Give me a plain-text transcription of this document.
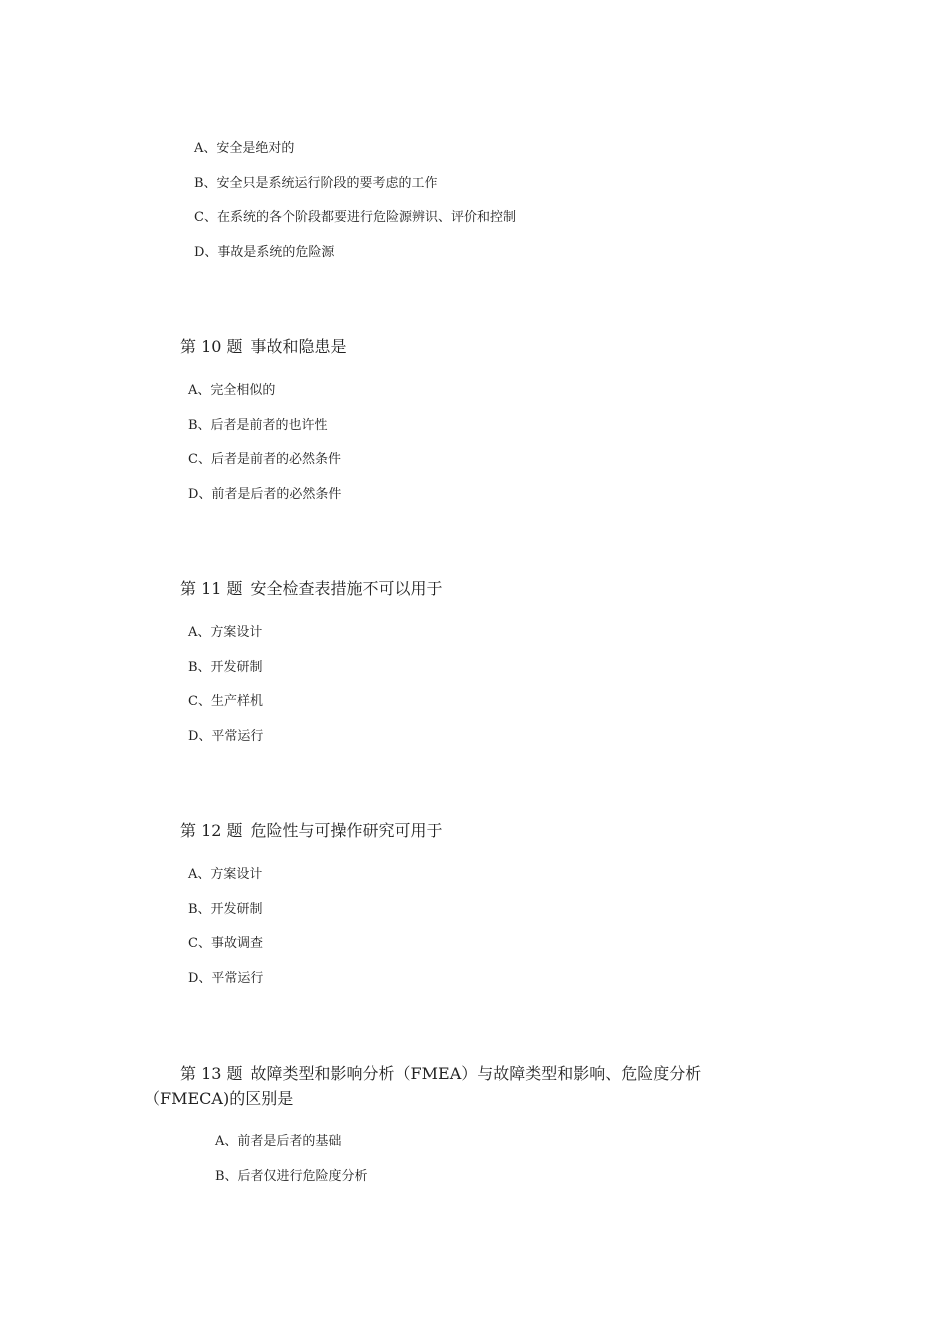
A、安全是绝对的
B、安全只是系统运行阶段的要考虑的工作
C、在系统的各个阶段都要进行危险源辨识、评价和控制
D、事故是系统的危险源
第 10 题 事故和隐患是
A、完全相似的
B、后者是前者的也许性
C、后者是前者的必然条件
D、前者是后者的必然条件
第 11 题 安全检查表措施不可以用于
A、方案设计
B、开发研制
C、生产样机
D、平常运行
第 12 题 危险性与可操作研究可用于
A、方案设计
B、开发研制
C、事故调查
D、平常运行
第 13 题 故障类型和影响分析（FMEA）与故障类型和影响、危险度分析
（FMECA)的区别是
A、前者是后者的基础
B、后者仅进行危险度分析
